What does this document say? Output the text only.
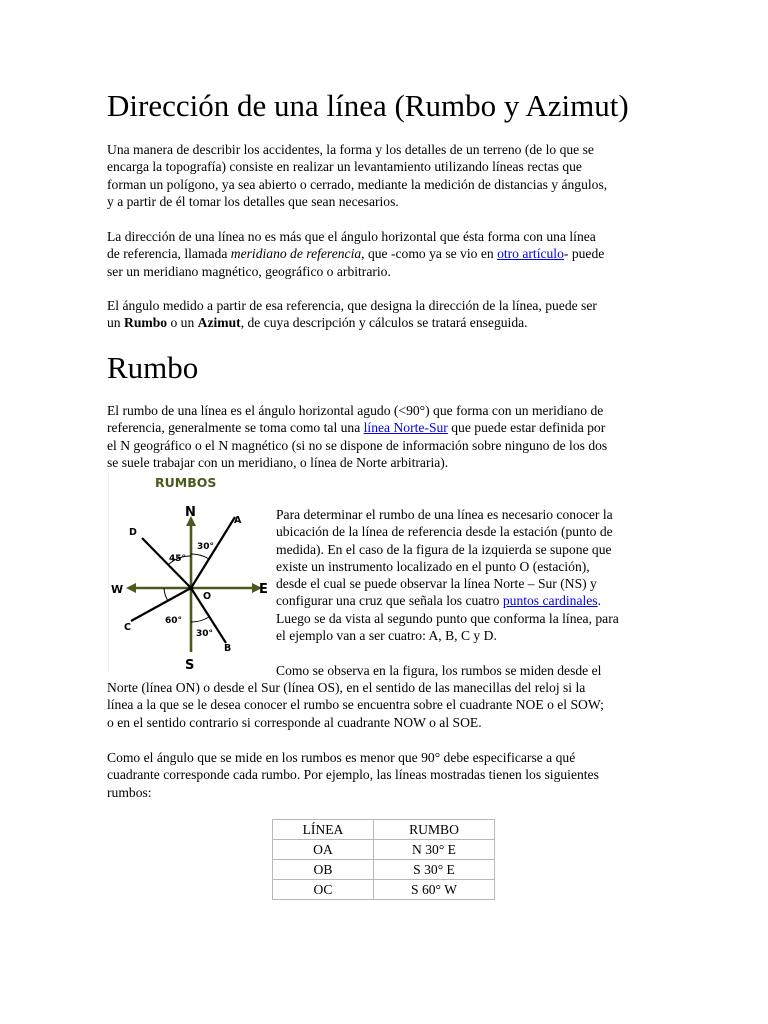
Dirección de una línea (Rumbo y Azimut)

Una manera de describir los accidentes, la forma y los detalles de un terreno (de lo que se
encarga la topografía) consiste en realizar un levantamiento utilizando líneas rectas que
forman un polígono, ya sea abierto o cerrado, mediante la medición de distancias y ángulos,
y a partir de él tomar los detalles que sean necesarios.

La dirección de una línea no es más que el ángulo horizontal que ésta forma con una línea
de referencia, llamada meridiano de referencia, que -como ya se vio en otro artículo- puede
ser un meridiano magnético, geográfico o arbitrario.

El ángulo medido a partir de esa referencia, que designa la dirección de la línea, puede ser
un Rumbo o un Azimut, de cuya descripción y cálculos se tratará enseguida.

Rumbo

El rumbo de una línea es el ángulo horizontal agudo (<90°) que forma con un meridiano de
referencia, generalmente se toma como tal una línea Norte-Sur que puede estar definida por
el N geográfico o el N magnético (si no se dispone de información sobre ninguno de los dos
se suele trabajar con un meridiano, o línea de Norte arbitraria).

RUMBOS
N
S
E
W
O
A
D
C
B
30°
45°
60°
30°

Para determinar el rumbo de una línea es necesario conocer la
ubicación de la línea de referencia desde la estación (punto de
medida). En el caso de la figura de la izquierda se supone que
existe un instrumento localizado en el punto O (estación),
desde el cual se puede observar la línea Norte – Sur (NS) y
configurar una cruz que señala los cuatro puntos cardinales.
Luego se da vista al segundo punto que conforma la línea, para
el ejemplo van a ser cuatro: A, B, C y D.

Como se observa en la figura, los rumbos se miden desde el

Norte (línea ON) o desde el Sur (línea OS), en el sentido de las manecillas del reloj si la
línea a la que se le desea conocer el rumbo se encuentra sobre el cuadrante NOE o el SOW;
o en el sentido contrario si corresponde al cuadrante NOW o al SOE.

Como el ángulo que se mide en los rumbos es menor que 90° debe especificarse a qué
cuadrante corresponde cada rumbo. Por ejemplo, las líneas mostradas tienen los siguientes
rumbos:

LÍNEA	RUMBO
OA	N 30° E
OB	S 30° E
OC	S 60° W
